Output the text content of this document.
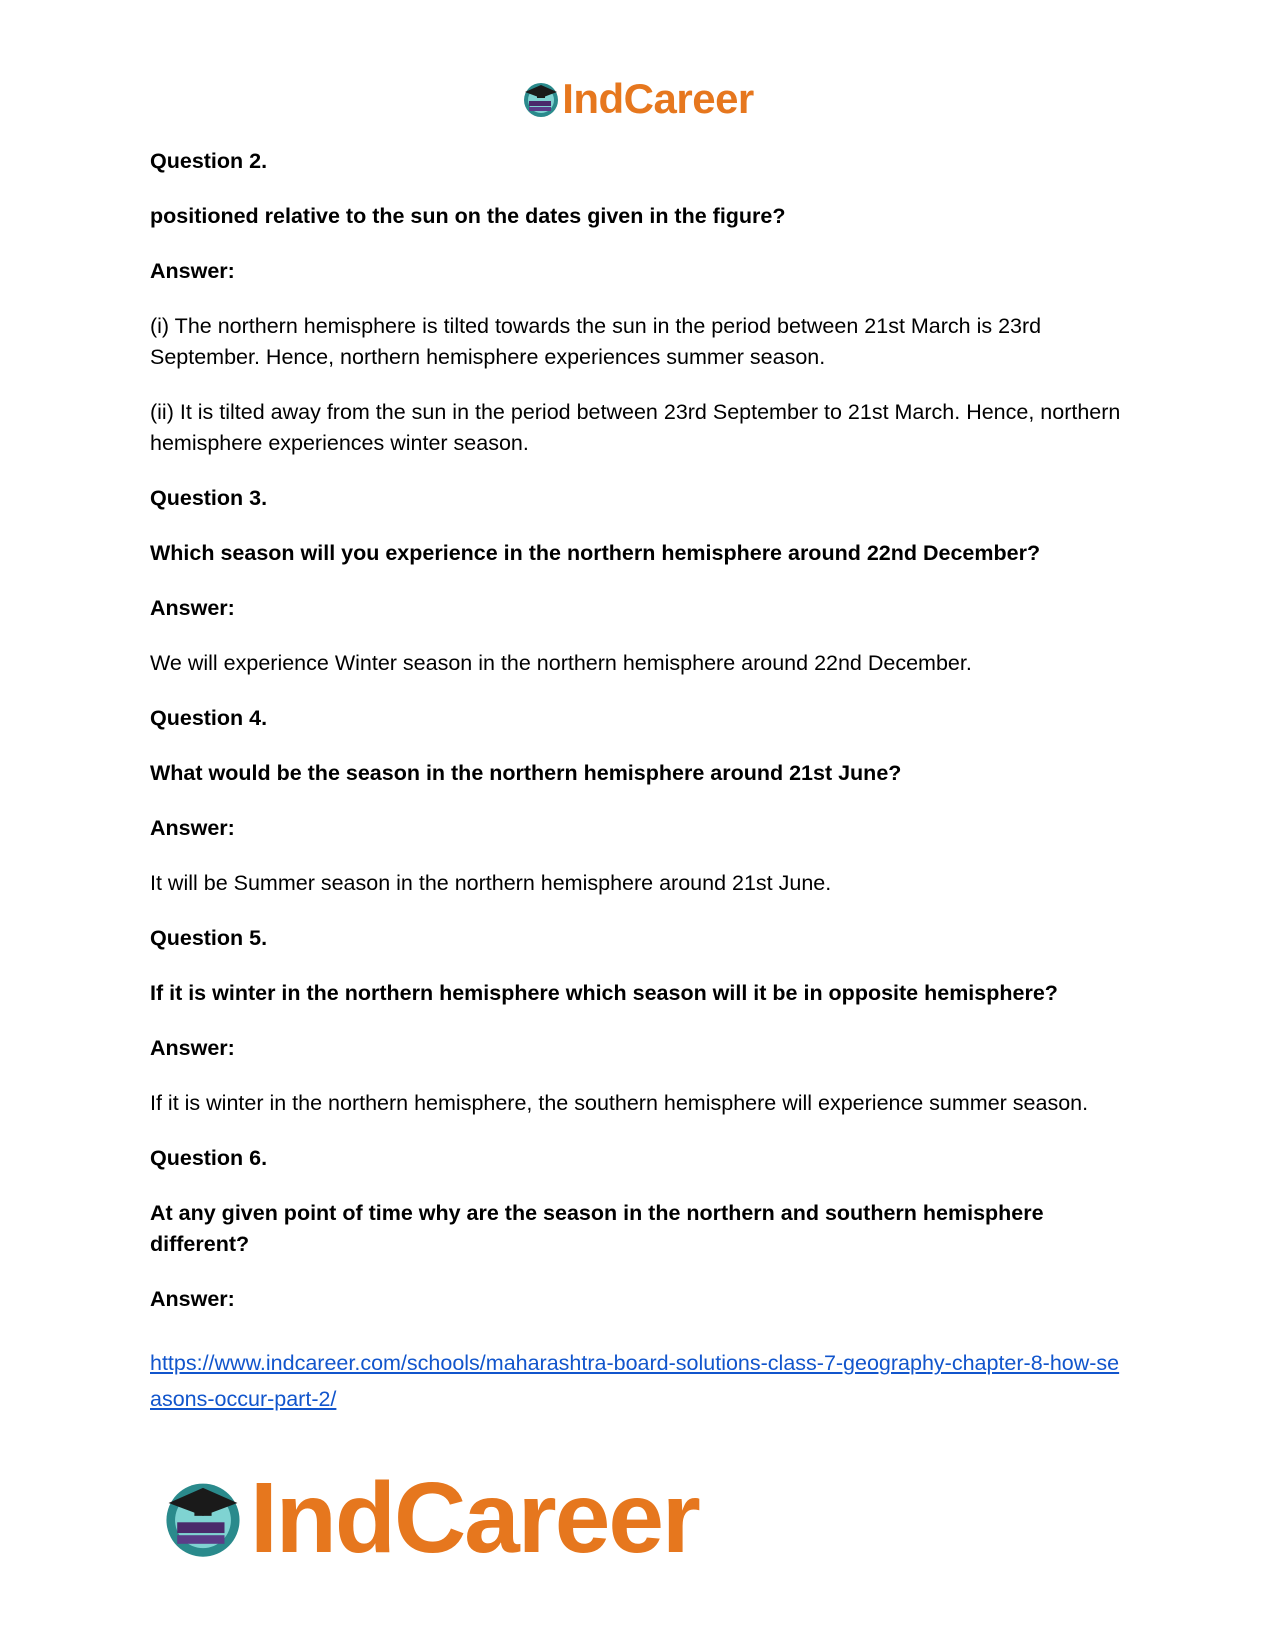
IndCareer

Question 2.

positioned relative to the sun on the dates given in the figure?

Answer:

(i) The northern hemisphere is tilted towards the sun in the period between 21st March is 23rd September. Hence, northern hemisphere experiences summer season.

(ii) It is tilted away from the sun in the period between 23rd September to 21st March. Hence, northern hemisphere experiences winter season.

Question 3.

Which season will you experience in the northern hemisphere around 22nd December?

Answer:

We will experience Winter season in the northern hemisphere around 22nd December.

Question 4.

What would be the season in the northern hemisphere around 21st June?

Answer:

It will be Summer season in the northern hemisphere around 21st June.

Question 5.

If it is winter in the northern hemisphere which season will it be in opposite hemisphere?

Answer:

If it is winter in the northern hemisphere, the southern hemisphere will experience summer season.

Question 6.

At any given point of time why are the season in the northern and southern hemisphere different?

Answer:

https://www.indcareer.com/schools/maharashtra-board-solutions-class-7-geography-chapter-8-how-seasons-occur-part-2/
IndCareer
